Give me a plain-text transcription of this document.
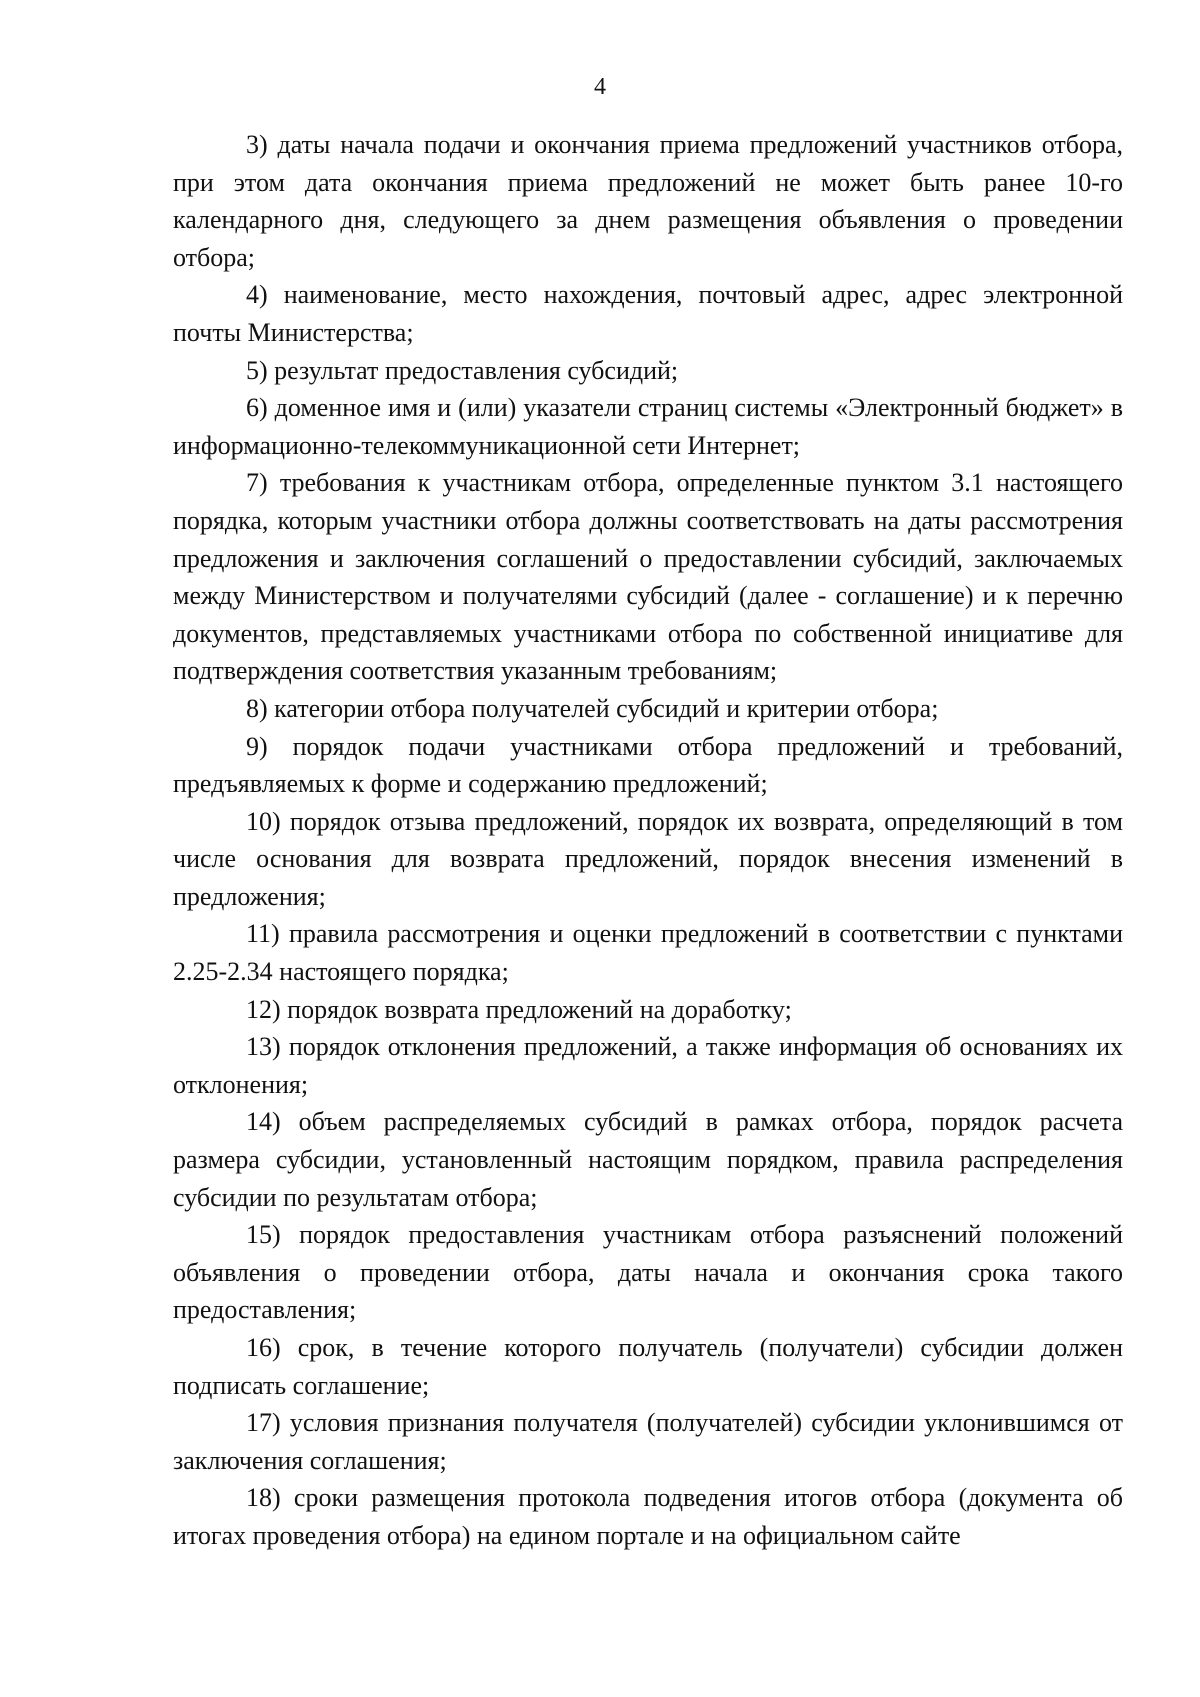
4

3) даты начала подачи и окончания приема предложений участников отбора, при этом дата окончания приема предложений не может быть ранее 10-го календарного дня, следующего за днем размещения объявления о проведении отбора;

4) наименование, место нахождения, почтовый адрес, адрес электронной почты Министерства;

5) результат предоставления субсидий;

6) доменное имя и (или) указатели страниц системы «Электронный бюджет» в информационно-телекоммуникационной сети Интернет;

7) требования к участникам отбора, определенные пунктом 3.1 настоящего порядка, которым участники отбора должны соответствовать на даты рассмотрения предложения и заключения соглашений о предоставлении субсидий, заключаемых между Министерством и получателями субсидий (далее - соглашение) и к перечню документов, представляемых участниками отбора по собственной инициативе для подтверждения соответствия указанным требованиям;

8) категории отбора получателей субсидий и критерии отбора;

9) порядок подачи участниками отбора предложений и требований, предъявляемых к форме и содержанию предложений;

10) порядок отзыва предложений, порядок их возврата, определяющий в том числе основания для возврата предложений, порядок внесения изменений в предложения;

11) правила рассмотрения и оценки предложений в соответствии с пунктами 2.25-2.34 настоящего порядка;

12) порядок возврата предложений на доработку;

13) порядок отклонения предложений, а также информация об основаниях их отклонения;

14) объем распределяемых субсидий в рамках отбора, порядок расчета размера субсидии, установленный настоящим порядком, правила распределения субсидии по результатам отбора;

15) порядок предоставления участникам отбора разъяснений положений объявления о проведении отбора, даты начала и окончания срока такого предоставления;

16) срок, в течение которого получатель (получатели) субсидии должен подписать соглашение;

17) условия признания получателя (получателей) субсидии уклонившимся от заключения соглашения;

18) сроки размещения протокола подведения итогов отбора (документа об итогах проведения отбора) на едином портале и на официальном сайте
